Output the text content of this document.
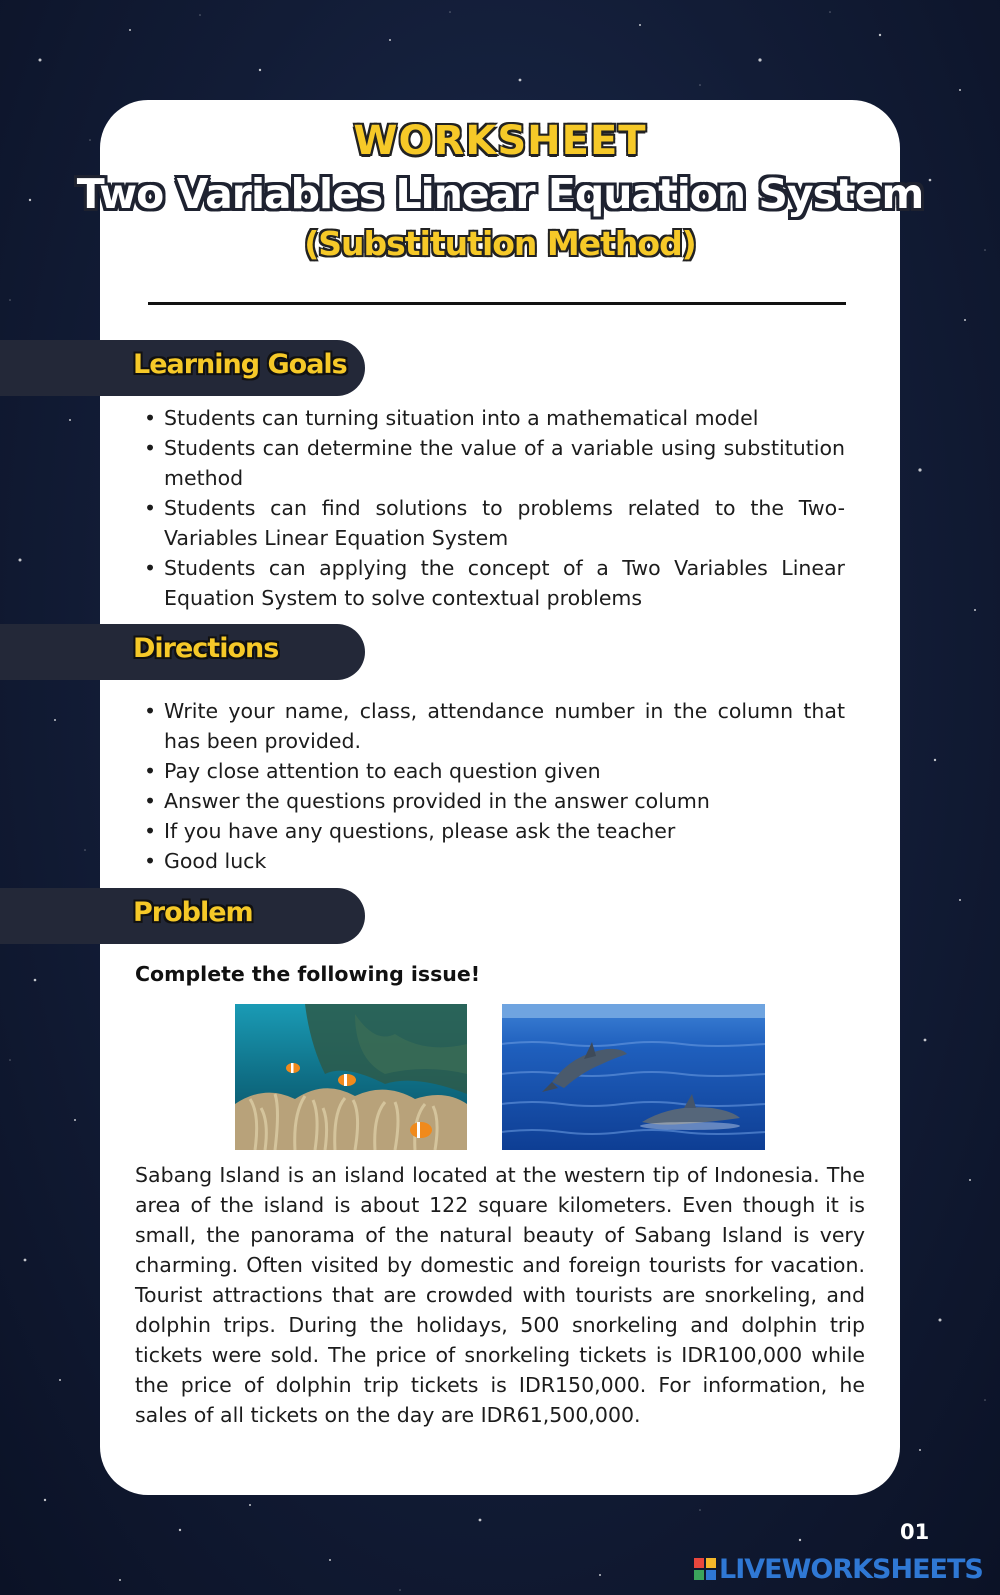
WORKSHEET
Two Variables Linear Equation System
(Substitution Method)
Learning Goals
• Students can turning situation into a mathematical model
• Students can determine the value of a variable using substitution method
• Students can find solutions to problems related to the Two-Variables Linear Equation System
• Students can applying the concept of a Two Variables Linear Equation System to solve contextual problems
Directions
• Write your name, class, attendance number in the column that has been provided.
• Pay close attention to each question given
• Answer the questions provided in the answer column
• If you have any questions, please ask the teacher
• Good luck
Problem
Complete the following issue!

Sabang Island is an island located at the western tip of Indonesia. The area of the island is about 122 square kilometers. Even though it is small, the panorama of the natural beauty of Sabang Island is very charming. Often visited by domestic and foreign tourists for vacation. Tourist attractions that are crowded with tourists are snorkeling, and dolphin trips. During the holidays, 500 snorkeling and dolphin trip tickets were sold. The price of snorkeling tickets is IDR100,000 while the price of dolphin trip tickets is IDR150,000. For information, he sales of all tickets on the day are IDR61,500,000.

01
LIVEWORKSHEETS
